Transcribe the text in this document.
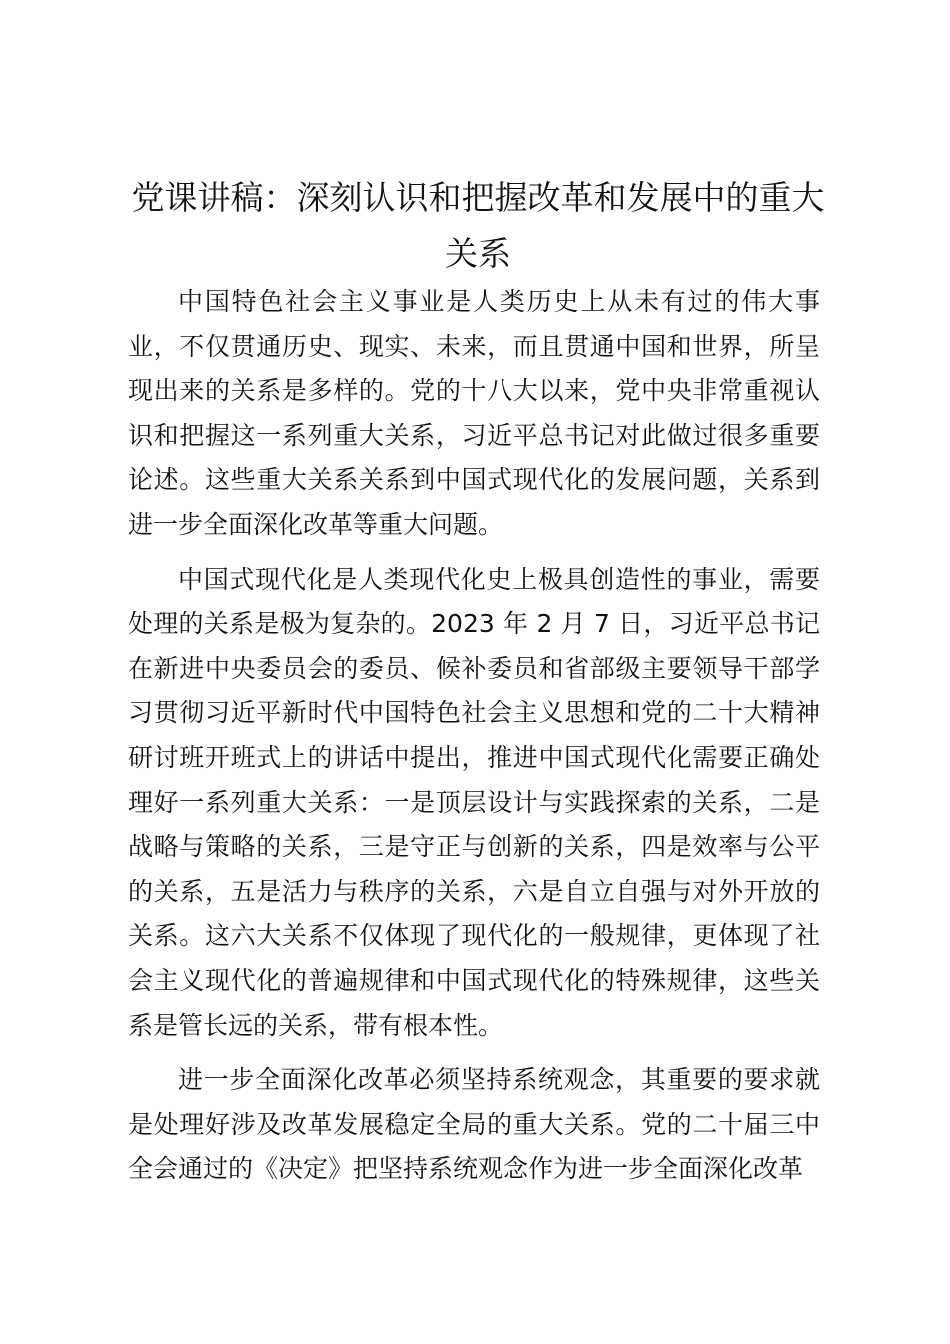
党课讲稿：深刻认识和把握改革和发展中的重大关系

中国特色社会主义事业是人类历史上从未有过的伟大事业，不仅贯通历史、现实、未来，而且贯通中国和世界，所呈现出来的关系是多样的。党的十八大以来，党中央非常重视认识和把握这一系列重大关系，习近平总书记对此做过很多重要论述。这些重大关系关系到中国式现代化的发展问题，关系到进一步全面深化改革等重大问题。

中国式现代化是人类现代化史上极具创造性的事业，需要处理的关系是极为复杂的。2023 年 2 月 7 日，习近平总书记在新进中央委员会的委员、候补委员和省部级主要领导干部学习贯彻习近平新时代中国特色社会主义思想和党的二十大精神研讨班开班式上的讲话中提出，推进中国式现代化需要正确处理好一系列重大关系：一是顶层设计与实践探索的关系，二是战略与策略的关系，三是守正与创新的关系，四是效率与公平的关系，五是活力与秩序的关系，六是自立自强与对外开放的关系。这六大关系不仅体现了现代化的一般规律，更体现了社会主义现代化的普遍规律和中国式现代化的特殊规律，这些关系是管长远的关系，带有根本性。

进一步全面深化改革必须坚持系统观念，其重要的要求就是处理好涉及改革发展稳定全局的重大关系。党的二十届三中全会通过的《决定》把坚持系统观念作为进一步全面深化改革
